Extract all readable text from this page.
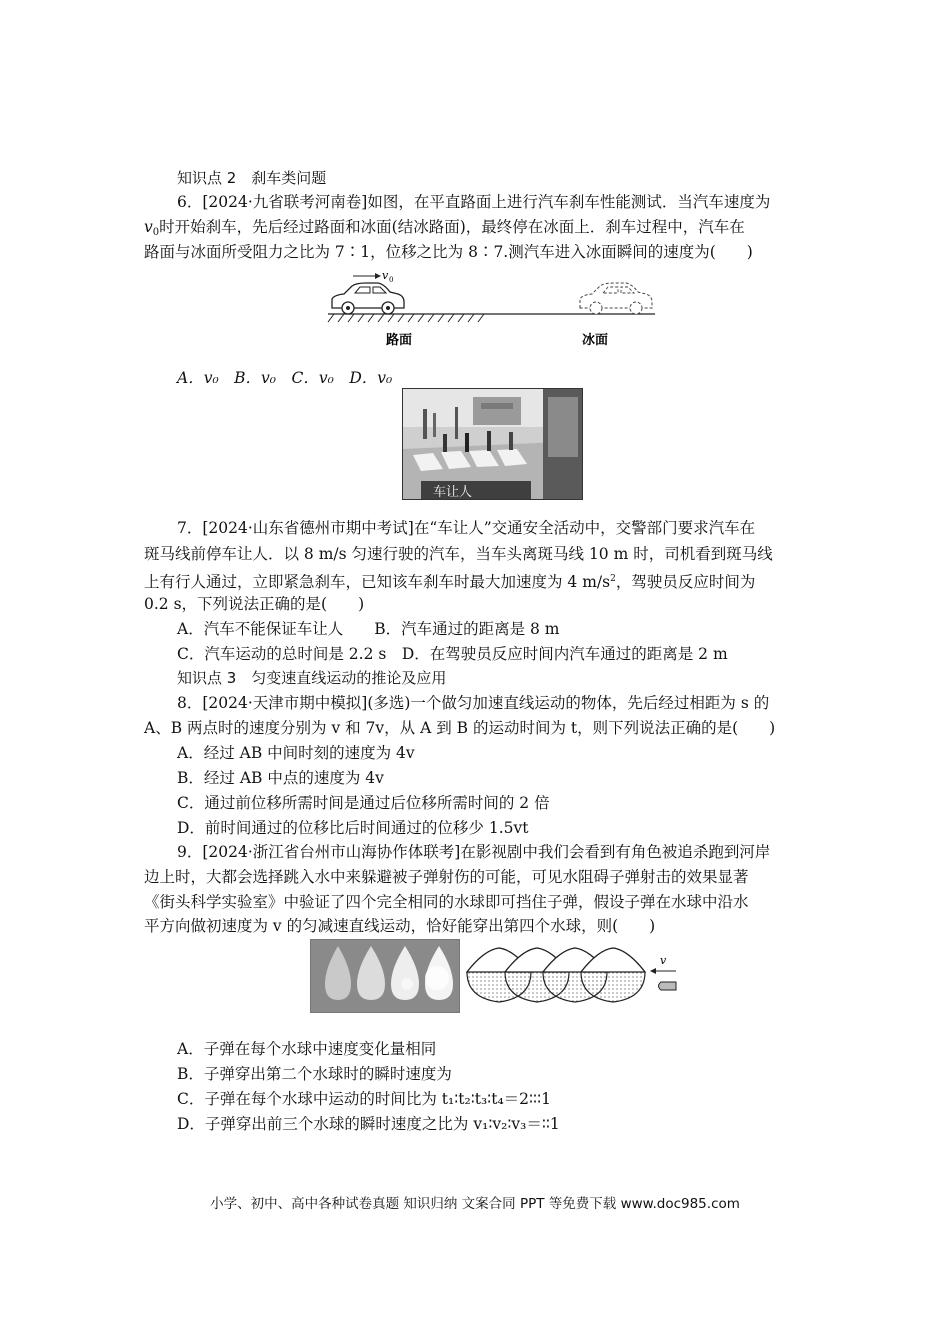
知识点 2　刹车类问题
6．[2024·九省联考河南卷]如图，在平直路面上进行汽车刹车性能测试．当汽车速度为
$v_0$时开始刹车，先后经过路面和冰面(结冰路面)，最终停在冰面上．刹车过程中，汽车在
路面与冰面所受阻力之比为 7∶1，位移之比为 8∶7.测汽车进入冰面瞬间的速度为(　　)
v 0
路面	冰面
A．v₀　B．v₀　C．v₀　D．v₀
车让人
7．[2024·山东省德州市期中考试]在“车让人”交通安全活动中，交警部门要求汽车在
斑马线前停车让人．以 8 m/s 匀速行驶的汽车，当车头离斑马线 10 m 时，司机看到斑马线
上有行人通过，立即紧急刹车，已知该车刹车时最大加速度为 4 $m/s^2$，驾驶员反应时间为
0.2 s，下列说法正确的是(　　)
A．汽车不能保证车让人　　B．汽车通过的距离是 8 m
C．汽车运动的总时间是 2.2 s　D．在驾驶员反应时间内汽车通过的距离是 2 m
知识点 3　匀变速直线运动的推论及应用
8．[2024·天津市期中模拟](多选)一个做匀加速直线运动的物体，先后经过相距为 s 的
A、B 两点时的速度分别为 v 和 7v，从 A 到 B 的运动时间为 t，则下列说法正确的是(　　)
A．经过 AB 中间时刻的速度为 4v
B．经过 AB 中点的速度为 4v
C．通过前位移所需时间是通过后位移所需时间的 2 倍
D．前时间通过的位移比后时间通过的位移少 1.5vt
9．[2024·浙江省台州市山海协作体联考]在影视剧中我们会看到有角色被追杀跑到河岸
边上时，大都会选择跳入水中来躲避被子弹射伤的可能，可见水阻碍子弹射击的效果显著
《街头科学实验室》中验证了四个完全相同的水球即可挡住子弹，假设子弹在水球中沿水
平方向做初速度为 v 的匀减速直线运动，恰好能穿出第四个水球，则(　　)
v
A．子弹在每个水球中速度变化量相同
B．子弹穿出第二个水球时的瞬时速度为
C．子弹在每个水球中运动的时间比为 t₁∶t₂∶t₃∶t₄＝2∶∶∶1
D．子弹穿出前三个水球的瞬时速度之比为 v₁∶v₂∶v₃＝∶∶1
小学、初中、高中各种试卷真题 知识归纳 文案合同 PPT 等免费下载 www.doc985.com
